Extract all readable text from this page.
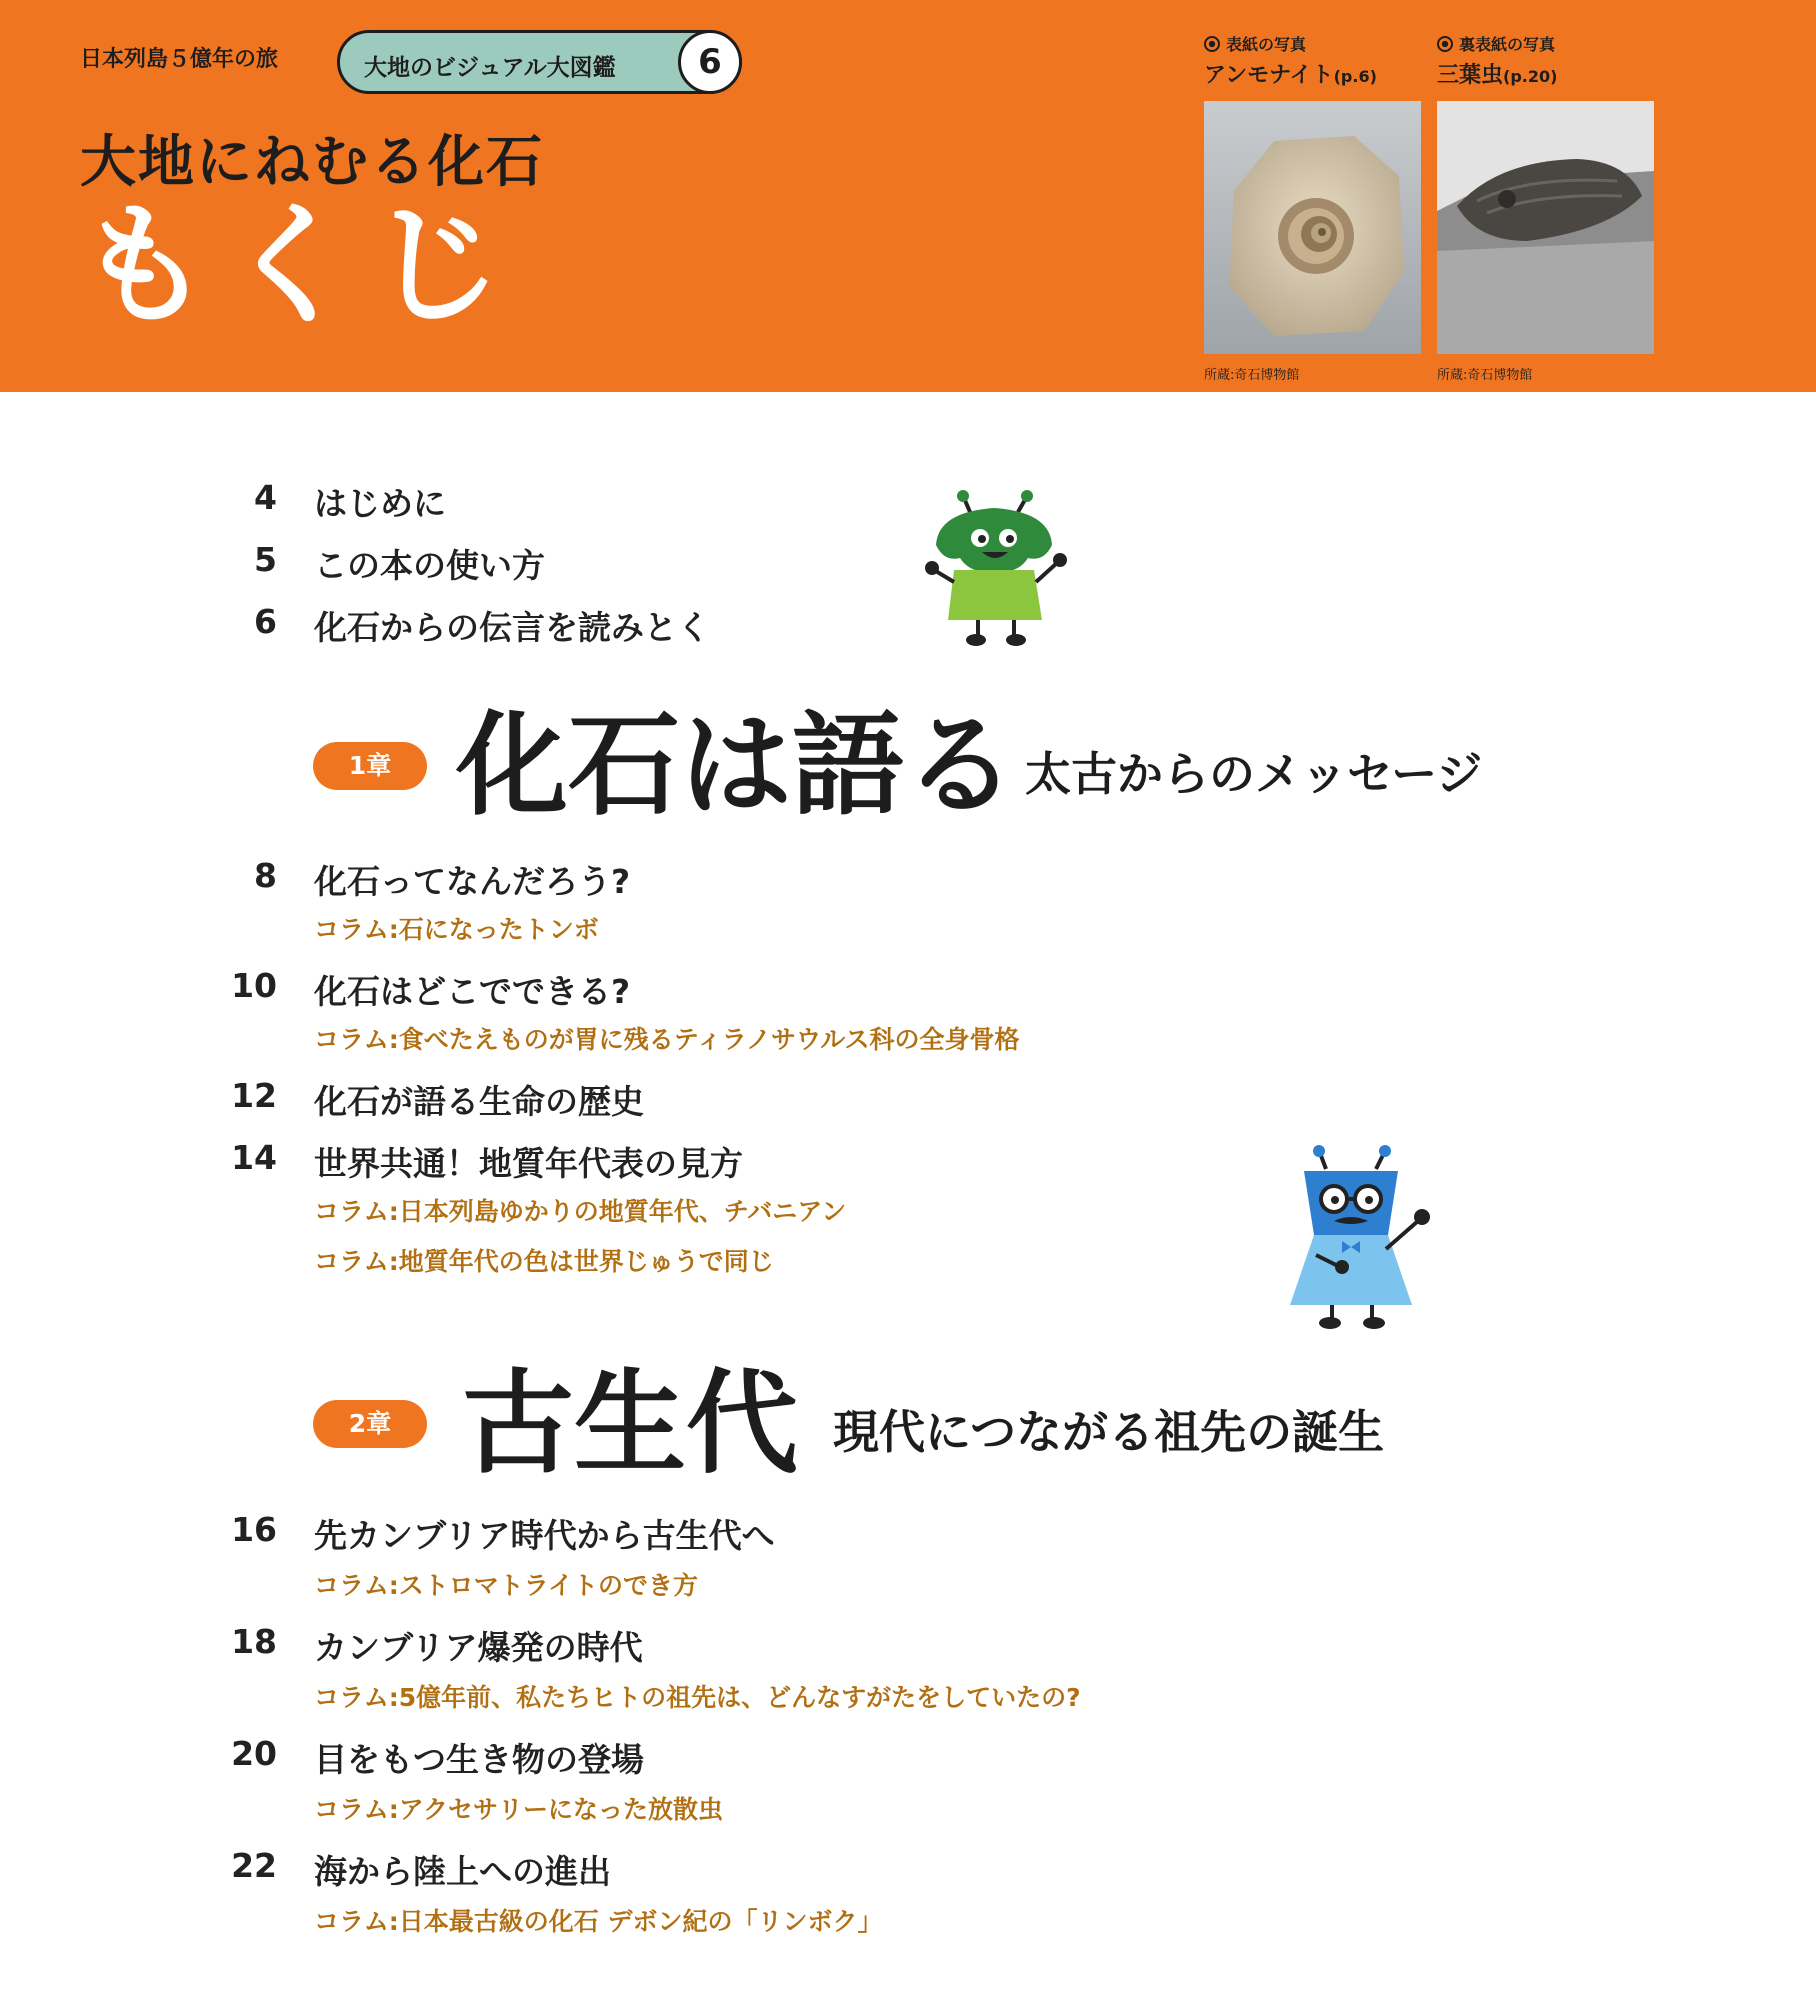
日本列島５億年の旅	大地のビジュアル大図鑑	6
大地にねむる化石
もくじ
表紙の写真
アンモナイト(p.6)
所蔵:奇石博物館
裏表紙の写真
三葉虫(p.20)
所蔵:奇石博物館
4 はじめに
5 この本の使い方
6 化石からの伝言を読みとく
1章 化石は語る 太古からのメッセージ
8 化石ってなんだろう?
コラム:石になったトンボ
10 化石はどこでできる?
コラム:食べたえものが胃に残るティラノサウルス科の全身骨格
12 化石が語る生命の歴史
14 世界共通！地質年代表の見方
コラム:日本列島ゆかりの地質年代、チバニアン
コラム:地質年代の色は世界じゅうで同じ
2章 古生代 現代につながる祖先の誕生
16 先カンブリア時代から古生代へ
コラム:ストロマトライトのでき方
18 カンブリア爆発の時代
コラム:5億年前、私たちヒトの祖先は、どんなすがたをしていたの?
20 目をもつ生き物の登場
コラム:アクセサリーになった放散虫
22 海から陸上への進出
コラム:日本最古級の化石 デボン紀の「リンボク」
